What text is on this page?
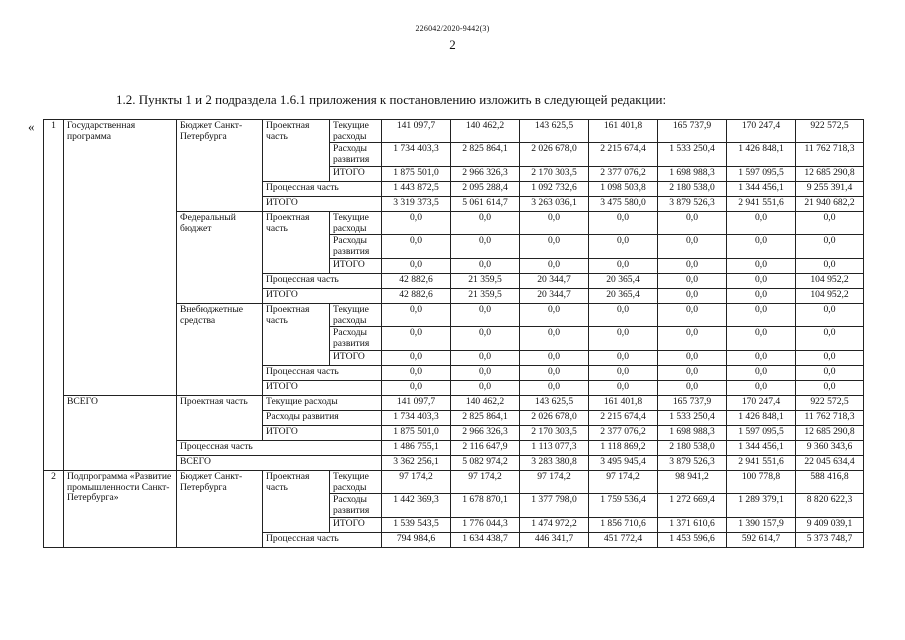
226042/2020-9442(3)
2
1.2. Пункты 1 и 2 подраздела 1.6.1 приложения к постановлению изложить в следующей редакции:
« 1	Государственная программа	Бюджет Санкт-Петербурга	Проектная часть	Текущие расходы	141 097,7	140 462,2	143 625,5	161 401,8	165 737,9	170 247,4	922 572,5
				Расходы развития	1 734 403,3	2 825 864,1	2 026 678,0	2 215 674,4	1 533 250,4	1 426 848,1	11 762 718,3
				ИТОГО	1 875 501,0	2 966 326,3	2 170 303,5	2 377 076,2	1 698 988,3	1 597 095,5	12 685 290,8
			Процессная часть		1 443 872,5	2 095 288,4	1 092 732,6	1 098 503,8	2 180 538,0	1 344 456,1	9 255 391,4
			ИТОГО		3 319 373,5	5 061 614,7	3 263 036,1	3 475 580,0	3 879 526,3	2 941 551,6	21 940 682,2
		Федеральный бюджет	Проектная часть	Текущие расходы	0,0	0,0	0,0	0,0	0,0	0,0	0,0
				Расходы развития	0,0	0,0	0,0	0,0	0,0	0,0	0,0
				ИТОГО	0,0	0,0	0,0	0,0	0,0	0,0	0,0
			Процессная часть		42 882,6	21 359,5	20 344,7	20 365,4	0,0	0,0	104 952,2
			ИТОГО		42 882,6	21 359,5	20 344,7	20 365,4	0,0	0,0	104 952,2
		Внебюджетные средства	Проектная часть	Текущие расходы	0,0	0,0	0,0	0,0	0,0	0,0	0,0
				Расходы развития	0,0	0,0	0,0	0,0	0,0	0,0	0,0
				ИТОГО	0,0	0,0	0,0	0,0	0,0	0,0	0,0
			Процессная часть		0,0	0,0	0,0	0,0	0,0	0,0	0,0
			ИТОГО		0,0	0,0	0,0	0,0	0,0	0,0	0,0
	ВСЕГО	Проектная часть	Текущие расходы		141 097,7	140 462,2	143 625,5	161 401,8	165 737,9	170 247,4	922 572,5
			Расходы развития		1 734 403,3	2 825 864,1	2 026 678,0	2 215 674,4	1 533 250,4	1 426 848,1	11 762 718,3
			ИТОГО		1 875 501,0	2 966 326,3	2 170 303,5	2 377 076,2	1 698 988,3	1 597 095,5	12 685 290,8
		Процессная часть			1 486 755,1	2 116 647,9	1 113 077,3	1 118 869,2	2 180 538,0	1 344 456,1	9 360 343,6
		ВСЕГО			3 362 256,1	5 082 974,2	3 283 380,8	3 495 945,4	3 879 526,3	2 941 551,6	22 045 634,4
2	Подпрограмма «Развитие промышленности Санкт-Петербурга»	Бюджет Санкт-Петербурга	Проектная часть	Текущие расходы	97 174,2	97 174,2	97 174,2	97 174,2	98 941,2	100 778,8	588 416,8
				Расходы развития	1 442 369,3	1 678 870,1	1 377 798,0	1 759 536,4	1 272 669,4	1 289 379,1	8 820 622,3
				ИТОГО	1 539 543,5	1 776 044,3	1 474 972,2	1 856 710,6	1 371 610,6	1 390 157,9	9 409 039,1
			Процессная часть		794 984,6	1 634 438,7	446 341,7	451 772,4	1 453 596,6	592 614,7	5 373 748,7
